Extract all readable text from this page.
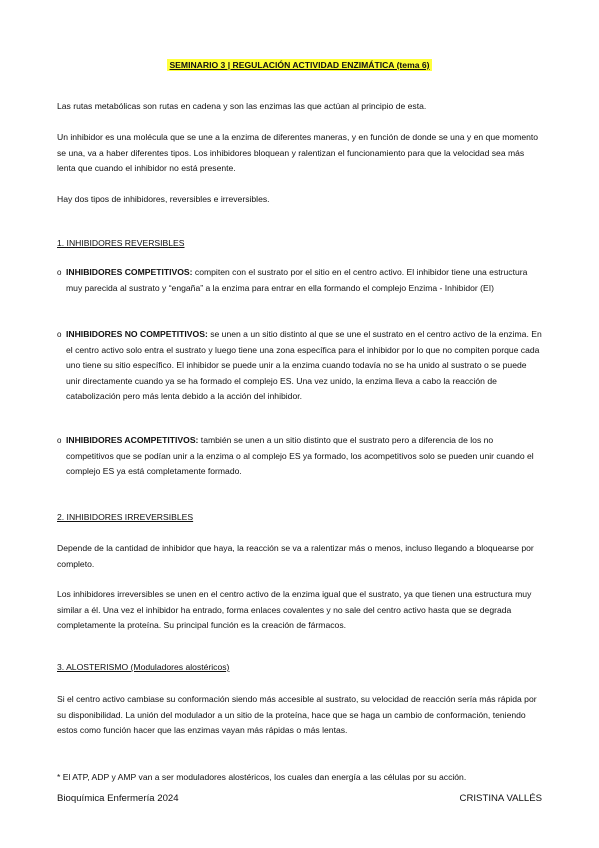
SEMINARIO 3 | REGULACIÓN ACTIVIDAD ENZIMÁTICA (tema 6)

Las rutas metabólicas son rutas en cadena y son las enzimas las que actúan al principio de esta.

Un inhibidor es una molécula que se une a la enzima de diferentes maneras, y en función de donde se una y en que momento se una, va a haber diferentes tipos. Los inhibidores bloquean y ralentizan el funcionamiento para que la velocidad sea más lenta que cuando el inhibidor no está presente.

Hay dos tipos de inhibidores, reversibles e irreversibles.

1. INHIBIDORES REVERSIBLES
o INHIBIDORES COMPETITIVOS: compiten con el sustrato por el sitio en el centro activo. El inhibidor tiene una estructura muy parecida al sustrato y “engaña” a la enzima para entrar en ella formando el complejo Enzima - Inhibidor (EI)
o INHIBIDORES NO COMPETITIVOS: se unen a un sitio distinto al que se une el sustrato en el centro activo de la enzima. En el centro activo solo entra el sustrato y luego tiene una zona específica para el inhibidor por lo que no compiten porque cada uno tiene su sitio específico. El inhibidor se puede unir a la enzima cuando todavía no se ha unido al sustrato o se puede unir directamente cuando ya se ha formado el complejo ES. Una vez unido, la enzima lleva a cabo la reacción de catabolización pero más lenta debido a la acción del inhibidor.
o INHIBIDORES ACOMPETITIVOS: también se unen a un sitio distinto que el sustrato pero a diferencia de los no competitivos que se podían unir a la enzima o al complejo ES ya formado, los acompetitivos solo se pueden unir cuando el complejo ES ya está completamente formado.
2. INHIBIDORES IRREVERSIBLES

Depende de la cantidad de inhibidor que haya, la reacción se va a ralentizar más o menos, incluso llegando a bloquearse por completo.

Los inhibidores irreversibles se unen en el centro activo de la enzima igual que el sustrato, ya que tienen una estructura muy similar a él. Una vez el inhibidor ha entrado, forma enlaces covalentes y no sale del centro activo hasta que se degrada completamente la proteína. Su principal función es la creación de fármacos.

3. ALOSTERISMO (Moduladores alostéricos)

Si el centro activo cambiase su conformación siendo más accesible al sustrato, su velocidad de reacción sería más rápida por su disponibilidad. La unión del modulador a un sitio de la proteína, hace que se haga un cambio de conformación, teniendo estos como función hacer que las enzimas vayan más rápidas o más lentas.

* El ATP, ADP y AMP van a ser moduladores alostéricos, los cuales dan energía a las células por su acción.

Bioquímica Enfermería 2024	CRISTINA VALLÉS
